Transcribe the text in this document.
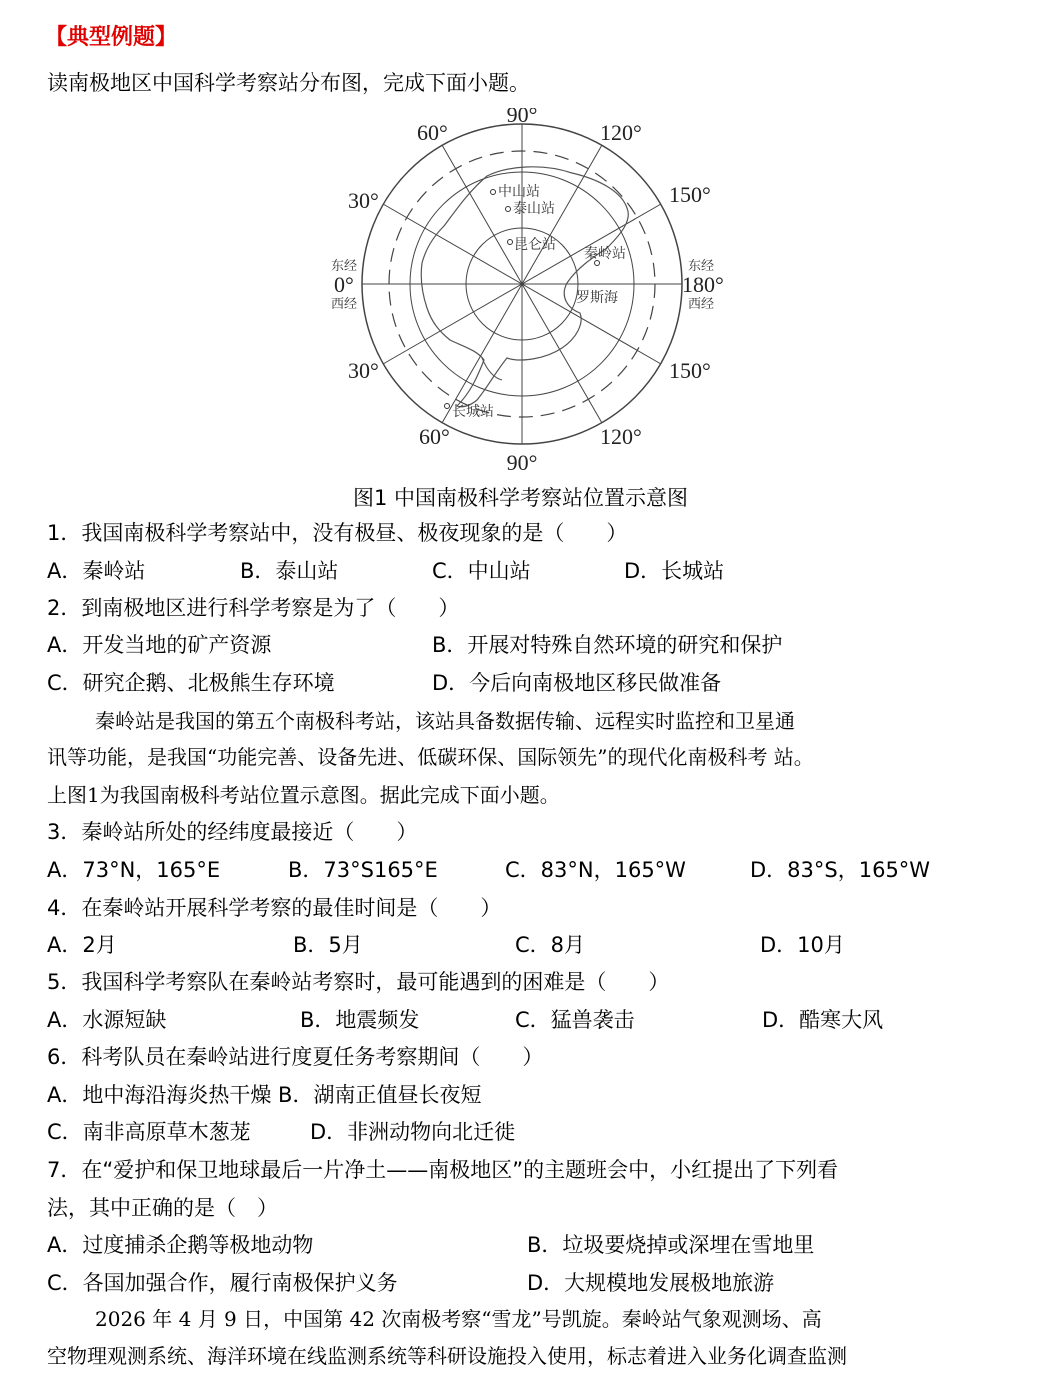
【典型例题】
读南极地区中国科学考察站分布图，完成下面小题。
90°
90°
60°	120°
30°	150°
30°	150°
60°	120°
0°	180°
东经
西经
东经
西经
中山站
泰山站
昆仑站
秦岭站
罗斯海
长城站
图1 中国南极科学考察站位置示意图
1．我国南极科学考察站中，没有极昼、极夜现象的是（　　）
A．秦岭站	B．泰山站	C．中山站	D．长城站
2．到南极地区进行科学考察是为了（　　）
A．开发当地的矿产资源	B．开展对特殊自然环境的研究和保护
C．研究企鹅、北极熊生存环境	D．今后向南极地区移民做准备
秦岭站是我国的第五个南极科考站，该站具备数据传输、远程实时监控和卫星通
讯等功能，是我国“功能完善、设备先进、低碳环保、国际领先”的现代化南极科考 站。
上图1为我国南极科考站位置示意图。据此完成下面小题。
3．秦岭站所处的经纬度最接近（　　）
A．73°N，165°E	B．73°S165°E	C．83°N，165°W	D．83°S，165°W
4．在秦岭站开展科学考察的最佳时间是（　　）
A．2月	B．5月	C．8月	D．10月
5．我国科学考察队在秦岭站考察时，最可能遇到的困难是（　　）
A．水源短缺	B．地震频发	C．猛兽袭击	D．酷寒大风
6．科考队员在秦岭站进行度夏任务考察期间（　　）
A．地中海沿海炎热干燥 B．湖南正值昼长夜短
C．南非高原草木葱茏	D．非洲动物向北迁徙
7．在“爱护和保卫地球最后一片净土——南极地区”的主题班会中，小红提出了下列看
法，其中正确的是（　）
A．过度捕杀企鹅等极地动物	B．垃圾要烧掉或深埋在雪地里
C．各国加强合作，履行南极保护义务	D．大规模地发展极地旅游
2026 年 4 月 9 日，中国第 42 次南极考察“雪龙”号凯旋。秦岭站气象观测场、高
空物理观测系统、海洋环境在线监测系统等科研设施投入使用，标志着进入业务化调查监测
